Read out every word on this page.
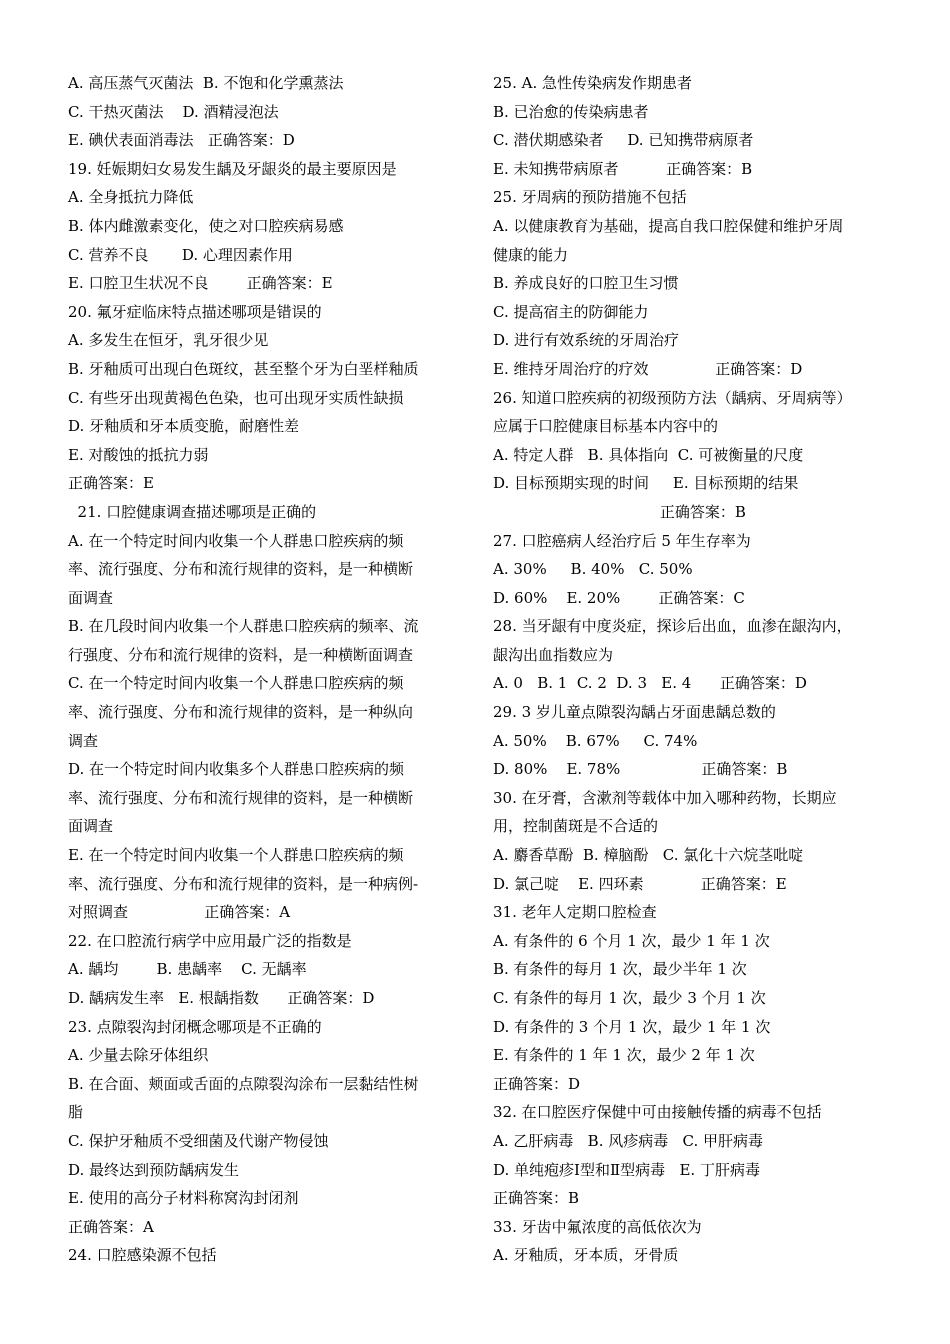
A. 高压蒸气灭菌法  B. 不饱和化学熏蒸法
C. 干热灭菌法    D. 酒精浸泡法
E. 碘伏表面消毒法   正确答案：D
19. 妊娠期妇女易发生龋及牙龈炎的最主要原因是
A. 全身抵抗力降低
B. 体内雌激素变化，使之对口腔疾病易感
C. 营养不良       D. 心理因素作用
E. 口腔卫生状况不良        正确答案：E
20. 氟牙症临床特点描述哪项是错误的
A. 多发生在恒牙，乳牙很少见
B. 牙釉质可出现白色斑纹，甚至整个牙为白垩样釉质
C. 有些牙出现黄褐色色染，也可出现牙实质性缺损
D. 牙釉质和牙本质变脆，耐磨性差
E. 对酸蚀的抵抗力弱
正确答案：E
21. 口腔健康调查描述哪项是正确的
A. 在一个特定时间内收集一个人群患口腔疾病的频
率、流行强度、分布和流行规律的资料，是一种横断
面调查
B. 在几段时间内收集一个人群患口腔疾病的频率、流
行强度、分布和流行规律的资料，是一种横断面调查
C. 在一个特定时间内收集一个人群患口腔疾病的频
率、流行强度、分布和流行规律的资料，是一种纵向
调查
D. 在一个特定时间内收集多个人群患口腔疾病的频
率、流行强度、分布和流行规律的资料，是一种横断
面调查
E. 在一个特定时间内收集一个人群患口腔疾病的频
率、流行强度、分布和流行规律的资料，是一种病例-
对照调查                正确答案：A
22. 在口腔流行病学中应用最广泛的指数是
A. 龋均        B. 患龋率    C. 无龋率
D. 龋病发生率   E. 根龋指数      正确答案：D
23. 点隙裂沟封闭概念哪项是不正确的
A. 少量去除牙体组织
B. 在合面、颊面或舌面的点隙裂沟涂布一层黏结性树
脂
C. 保护牙釉质不受细菌及代谢产物侵蚀
D. 最终达到预防龋病发生
E. 使用的高分子材料称窝沟封闭剂
正确答案：A
24. 口腔感染源不包括
25. A. 急性传染病发作期患者
B. 已治愈的传染病患者
C. 潜伏期感染者     D. 已知携带病原者
E. 未知携带病原者          正确答案：B
25. 牙周病的预防措施不包括
A. 以健康教育为基础，提高自我口腔保健和维护牙周
健康的能力
B. 养成良好的口腔卫生习惯
C. 提高宿主的防御能力
D. 进行有效系统的牙周治疗
E. 维持牙周治疗的疗效              正确答案：D
26. 知道口腔疾病的初级预防方法（龋病、牙周病等）
应属于口腔健康目标基本内容中的
A. 特定人群   B. 具体指向  C. 可被衡量的尺度
D. 目标预期实现的时间     E. 目标预期的结果
正确答案：B
27. 口腔癌病人经治疗后 5 年生存率为
A. 30%     B. 40%   C. 50%
D. 60%    E. 20%        正确答案：C
28. 当牙龈有中度炎症，探诊后出血，血渗在龈沟内，
龈沟出血指数应为
A. 0   B. 1  C. 2  D. 3   E. 4      正确答案：D
29. 3 岁儿童点隙裂沟龋占牙面患龋总数的
A. 50%    B. 67%     C. 74%
D. 80%    E. 78%                 正确答案：B
30. 在牙膏，含漱剂等载体中加入哪种药物，长期应
用，控制菌斑是不合适的
A. 麝香草酚  B. 樟脑酚   C. 氯化十六烷茎吡啶
D. 氯己啶    E. 四环素            正确答案：E
31. 老年人定期口腔检查
A. 有条件的 6 个月 1 次，最少 1 年 1 次
B. 有条件的每月 1 次，最少半年 1 次
C. 有条件的每月 1 次，最少 3 个月 1 次
D. 有条件的 3 个月 1 次，最少 1 年 1 次
E. 有条件的 1 年 1 次，最少 2 年 1 次
正确答案：D
32. 在口腔医疗保健中可由接触传播的病毒不包括
A. 乙肝病毒   B. 风疹病毒   C. 甲肝病毒
D. 单纯疱疹Ⅰ型和Ⅱ型病毒   E. 丁肝病毒
正确答案：B
33. 牙齿中氟浓度的高低依次为
A. 牙釉质，牙本质，牙骨质
